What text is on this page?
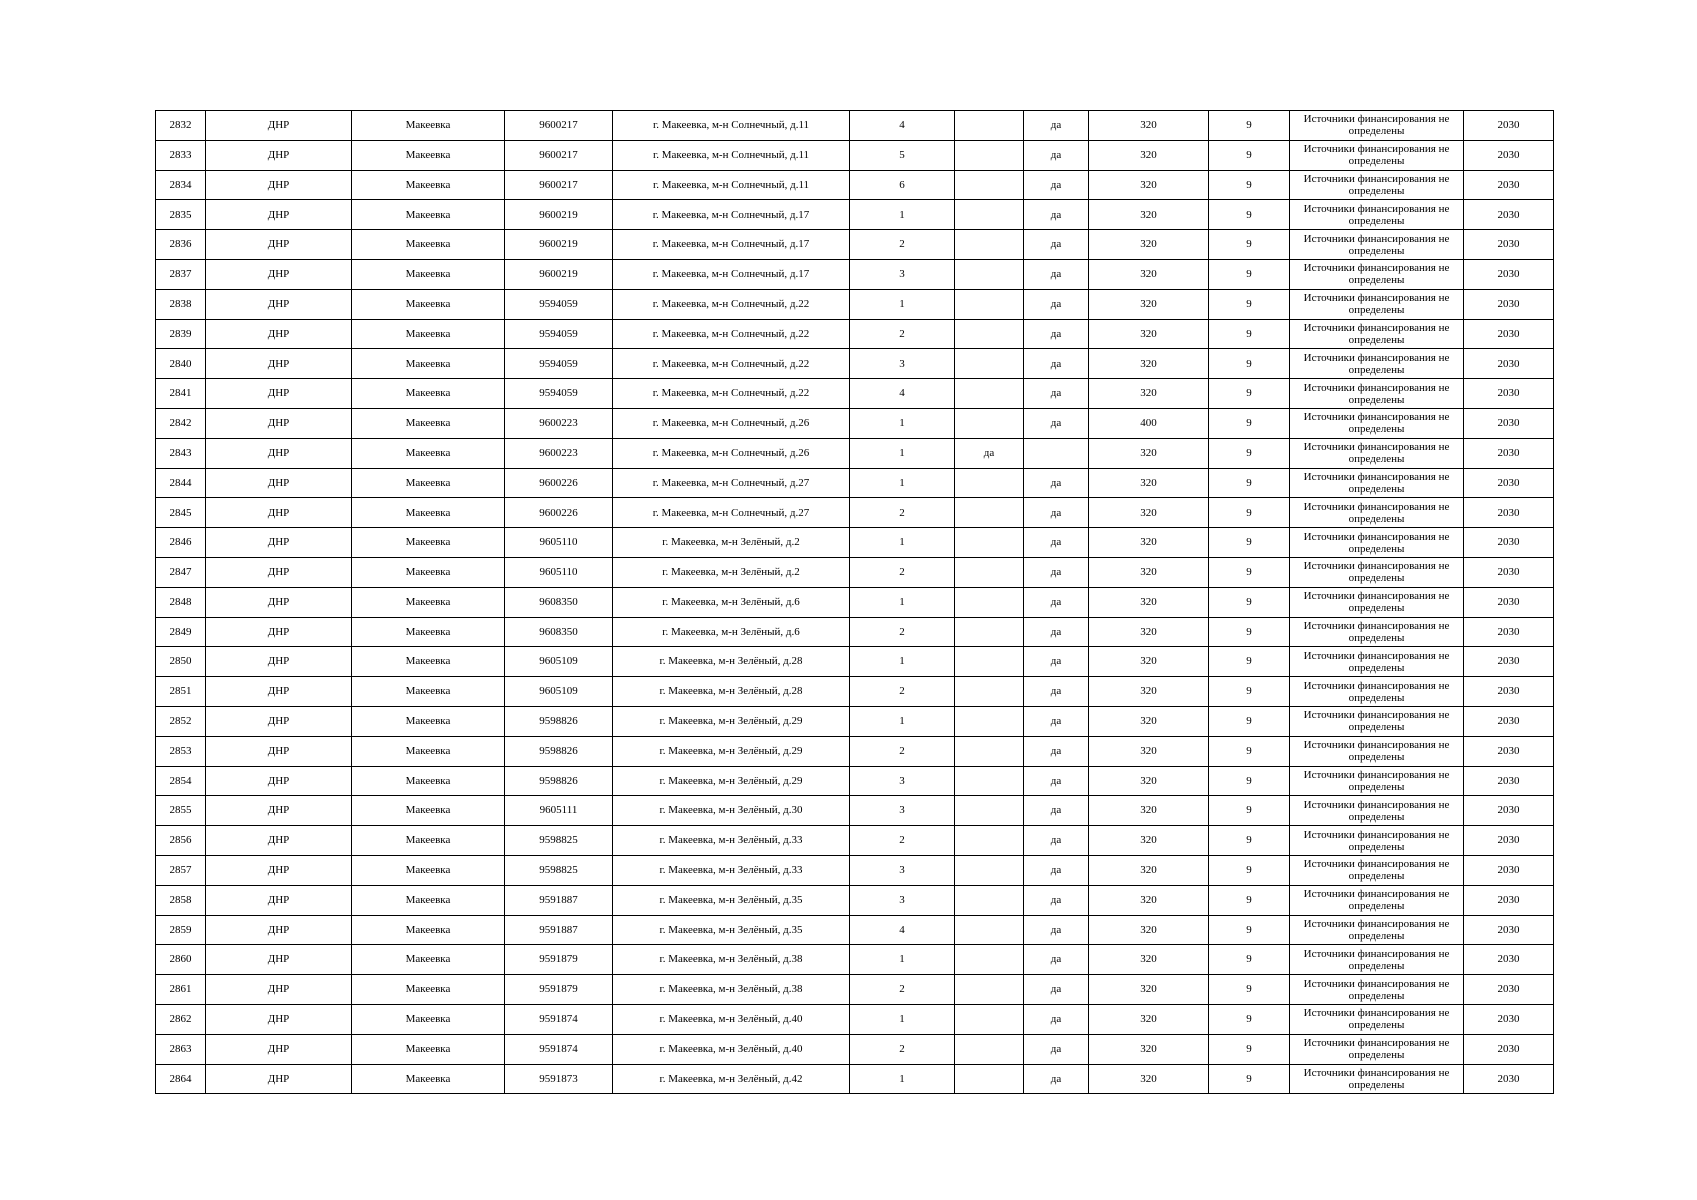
2832	ДНР	Макеевка	9600217	г. Макеевка, м-н Солнечный, д.11	4		да	320	9	Источники финансирования не определены	2030
2833	ДНР	Макеевка	9600217	г. Макеевка, м-н Солнечный, д.11	5		да	320	9	Источники финансирования не определены	2030
2834	ДНР	Макеевка	9600217	г. Макеевка, м-н Солнечный, д.11	6		да	320	9	Источники финансирования не определены	2030
2835	ДНР	Макеевка	9600219	г. Макеевка, м-н Солнечный, д.17	1		да	320	9	Источники финансирования не определены	2030
2836	ДНР	Макеевка	9600219	г. Макеевка, м-н Солнечный, д.17	2		да	320	9	Источники финансирования не определены	2030
2837	ДНР	Макеевка	9600219	г. Макеевка, м-н Солнечный, д.17	3		да	320	9	Источники финансирования не определены	2030
2838	ДНР	Макеевка	9594059	г. Макеевка, м-н Солнечный, д.22	1		да	320	9	Источники финансирования не определены	2030
2839	ДНР	Макеевка	9594059	г. Макеевка, м-н Солнечный, д.22	2		да	320	9	Источники финансирования не определены	2030
2840	ДНР	Макеевка	9594059	г. Макеевка, м-н Солнечный, д.22	3		да	320	9	Источники финансирования не определены	2030
2841	ДНР	Макеевка	9594059	г. Макеевка, м-н Солнечный, д.22	4		да	320	9	Источники финансирования не определены	2030
2842	ДНР	Макеевка	9600223	г. Макеевка, м-н Солнечный, д.26	1		да	400	9	Источники финансирования не определены	2030
2843	ДНР	Макеевка	9600223	г. Макеевка, м-н Солнечный, д.26	1	да		320	9	Источники финансирования не определены	2030
2844	ДНР	Макеевка	9600226	г. Макеевка, м-н Солнечный, д.27	1		да	320	9	Источники финансирования не определены	2030
2845	ДНР	Макеевка	9600226	г. Макеевка, м-н Солнечный, д.27	2		да	320	9	Источники финансирования не определены	2030
2846	ДНР	Макеевка	9605110	г. Макеевка, м-н Зелёный, д.2	1		да	320	9	Источники финансирования не определены	2030
2847	ДНР	Макеевка	9605110	г. Макеевка, м-н Зелёный, д.2	2		да	320	9	Источники финансирования не определены	2030
2848	ДНР	Макеевка	9608350	г. Макеевка, м-н Зелёный, д.6	1		да	320	9	Источники финансирования не определены	2030
2849	ДНР	Макеевка	9608350	г. Макеевка, м-н Зелёный, д.6	2		да	320	9	Источники финансирования не определены	2030
2850	ДНР	Макеевка	9605109	г. Макеевка, м-н Зелёный, д.28	1		да	320	9	Источники финансирования не определены	2030
2851	ДНР	Макеевка	9605109	г. Макеевка, м-н Зелёный, д.28	2		да	320	9	Источники финансирования не определены	2030
2852	ДНР	Макеевка	9598826	г. Макеевка, м-н Зелёный, д.29	1		да	320	9	Источники финансирования не определены	2030
2853	ДНР	Макеевка	9598826	г. Макеевка, м-н Зелёный, д.29	2		да	320	9	Источники финансирования не определены	2030
2854	ДНР	Макеевка	9598826	г. Макеевка, м-н Зелёный, д.29	3		да	320	9	Источники финансирования не определены	2030
2855	ДНР	Макеевка	9605111	г. Макеевка, м-н Зелёный, д.30	3		да	320	9	Источники финансирования не определены	2030
2856	ДНР	Макеевка	9598825	г. Макеевка, м-н Зелёный, д.33	2		да	320	9	Источники финансирования не определены	2030
2857	ДНР	Макеевка	9598825	г. Макеевка, м-н Зелёный, д.33	3		да	320	9	Источники финансирования не определены	2030
2858	ДНР	Макеевка	9591887	г. Макеевка, м-н Зелёный, д.35	3		да	320	9	Источники финансирования не определены	2030
2859	ДНР	Макеевка	9591887	г. Макеевка, м-н Зелёный, д.35	4		да	320	9	Источники финансирования не определены	2030
2860	ДНР	Макеевка	9591879	г. Макеевка, м-н Зелёный, д.38	1		да	320	9	Источники финансирования не определены	2030
2861	ДНР	Макеевка	9591879	г. Макеевка, м-н Зелёный, д.38	2		да	320	9	Источники финансирования не определены	2030
2862	ДНР	Макеевка	9591874	г. Макеевка, м-н Зелёный, д.40	1		да	320	9	Источники финансирования не определены	2030
2863	ДНР	Макеевка	9591874	г. Макеевка, м-н Зелёный, д.40	2		да	320	9	Источники финансирования не определены	2030
2864	ДНР	Макеевка	9591873	г. Макеевка, м-н Зелёный, д.42	1		да	320	9	Источники финансирования не определены	2030
